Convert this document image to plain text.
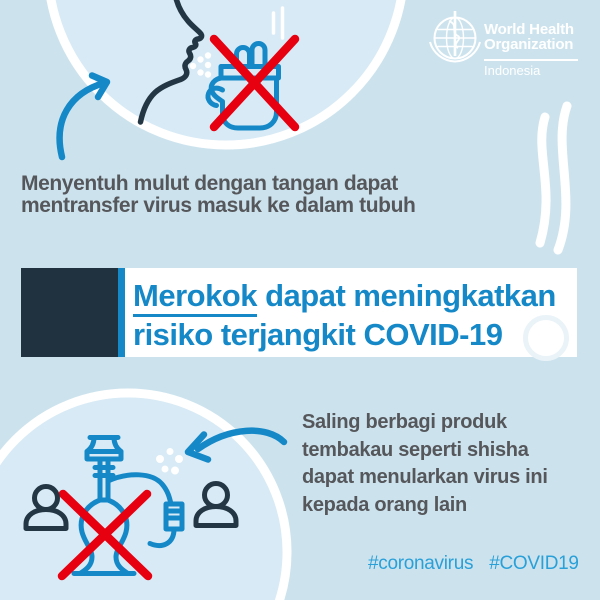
World Health
Organization
Indonesia
Menyentuh mulut dengan tangan dapat
mentransfer virus masuk ke dalam tubuh
Merokok dapat meningkatkan
risiko terjangkit COVID-19
Saling berbagi produk
tembakau seperti shisha
dapat menularkan virus ini
kepada orang lain
#coronavirus #COVID19
